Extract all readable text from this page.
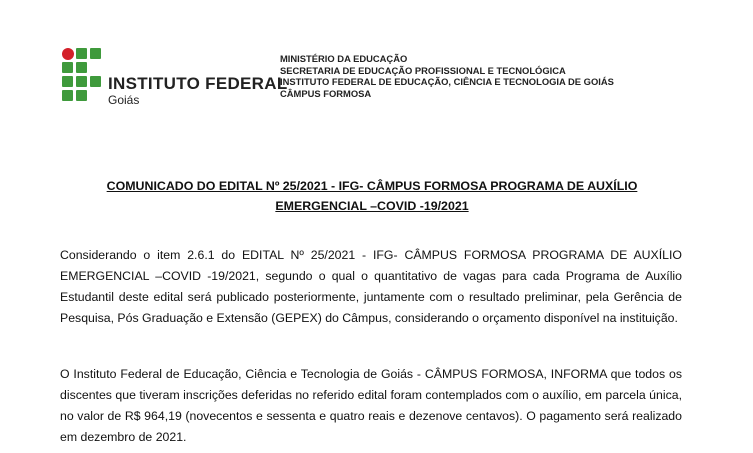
INSTITUTO FEDERAL
Goiás
MINISTÉRIO DA EDUCAÇÃO
SECRETARIA DE EDUCAÇÃO PROFISSIONAL E TECNOLÓGICA
INSTITUTO FEDERAL DE EDUCAÇÃO, CIÊNCIA E TECNOLOGIA DE GOIÁS
CÂMPUS FORMOSA
COMUNICADO DO EDITAL Nº 25/2021 - IFG- CÂMPUS FORMOSA PROGRAMA DE AUXÍLIO EMERGENCIAL –COVID -19/2021

Considerando o item 2.6.1 do EDITAL Nº 25/2021 - IFG- CÂMPUS FORMOSA PROGRAMA DE AUXÍLIO EMERGENCIAL –COVID -19/2021, segundo o qual o quantitativo de vagas para cada Programa de Auxílio Estudantil deste edital será publicado posteriormente, juntamente com o resultado preliminar, pela Gerência de Pesquisa, Pós Graduação e Extensão (GEPEX) do Câmpus, considerando o orçamento disponível na instituição.

O Instituto Federal de Educação, Ciência e Tecnologia de Goiás - CÂMPUS FORMOSA, INFORMA que todos os discentes que tiveram inscrições deferidas no referido edital foram contemplados com o auxílio, em parcela única, no valor de R$ 964,19 (novecentos e sessenta e quatro reais e dezenove centavos). O pagamento será realizado em dezembro de 2021.
